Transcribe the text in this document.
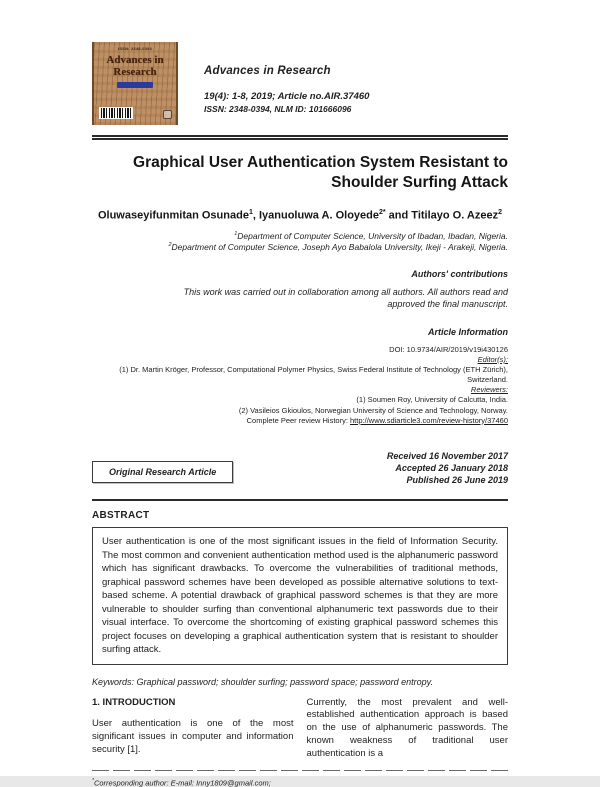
ISSN: 2348-0394
Advances in
Research	Advances in Research
19(4): 1-8, 2019; Article no.AIR.37460
ISSN: 2348-0394, NLM ID: 101666096
Graphical User Authentication System Resistant to
Shoulder Surfing Attack
Oluwaseyifunmitan Osunade$^1$, Iyanuoluwa A. Oloyede$^{2*}$ and Titilayo O. Azeez$^2$
$^1$Department of Computer Science, University of Ibadan, Ibadan, Nigeria.
$^2$Department of Computer Science, Joseph Ayo Babalola University, Ikeji - Arakeji, Nigeria.
Authors' contributions
This work was carried out in collaboration among all authors. All authors read and approved the final manuscript.
Article Information
DOI: 10.9734/AIR/2019/v19i430126
Editor(s):
(1) Dr. Martin Kröger, Professor, Computational Polymer Physics, Swiss Federal Institute of Technology (ETH Zürich), Switzerland.
Reviewers:
(1) Soumen Roy, University of Calcutta, India.
(2) Vasileios Gkioulos, Norwegian University of Science and Technology, Norway.
Complete Peer review History: http://www.sdiarticle3.com/review-history/37460
Original Research Article
Received 16 November 2017
Accepted 26 January 2018
Published 26 June 2019
ABSTRACT
User authentication is one of the most significant issues in the field of Information Security. The most common and convenient authentication method used is the alphanumeric password which has significant drawbacks. To overcome the vulnerabilities of traditional methods, graphical password schemes have been developed as possible alternative solutions to text-based scheme. A potential drawback of graphical password schemes is that they are more vulnerable to shoulder surfing than conventional alphanumeric text passwords due to their visual interface. To overcome the shortcoming of existing graphical password schemes this project focuses on developing a graphical authentication system that is resistant to shoulder surfing attack.
Keywords: Graphical password; shoulder surfing; password space; password entropy.
1. INTRODUCTION
User authentication is one of the most significant issues in computer and information security [1].
Currently, the most prevalent and well-established authentication approach is based on the use of alphanumeric passwords. The known weakness of traditional user authentication is a
*Corresponding author: E-mail: Inny1809@gmail.com;
